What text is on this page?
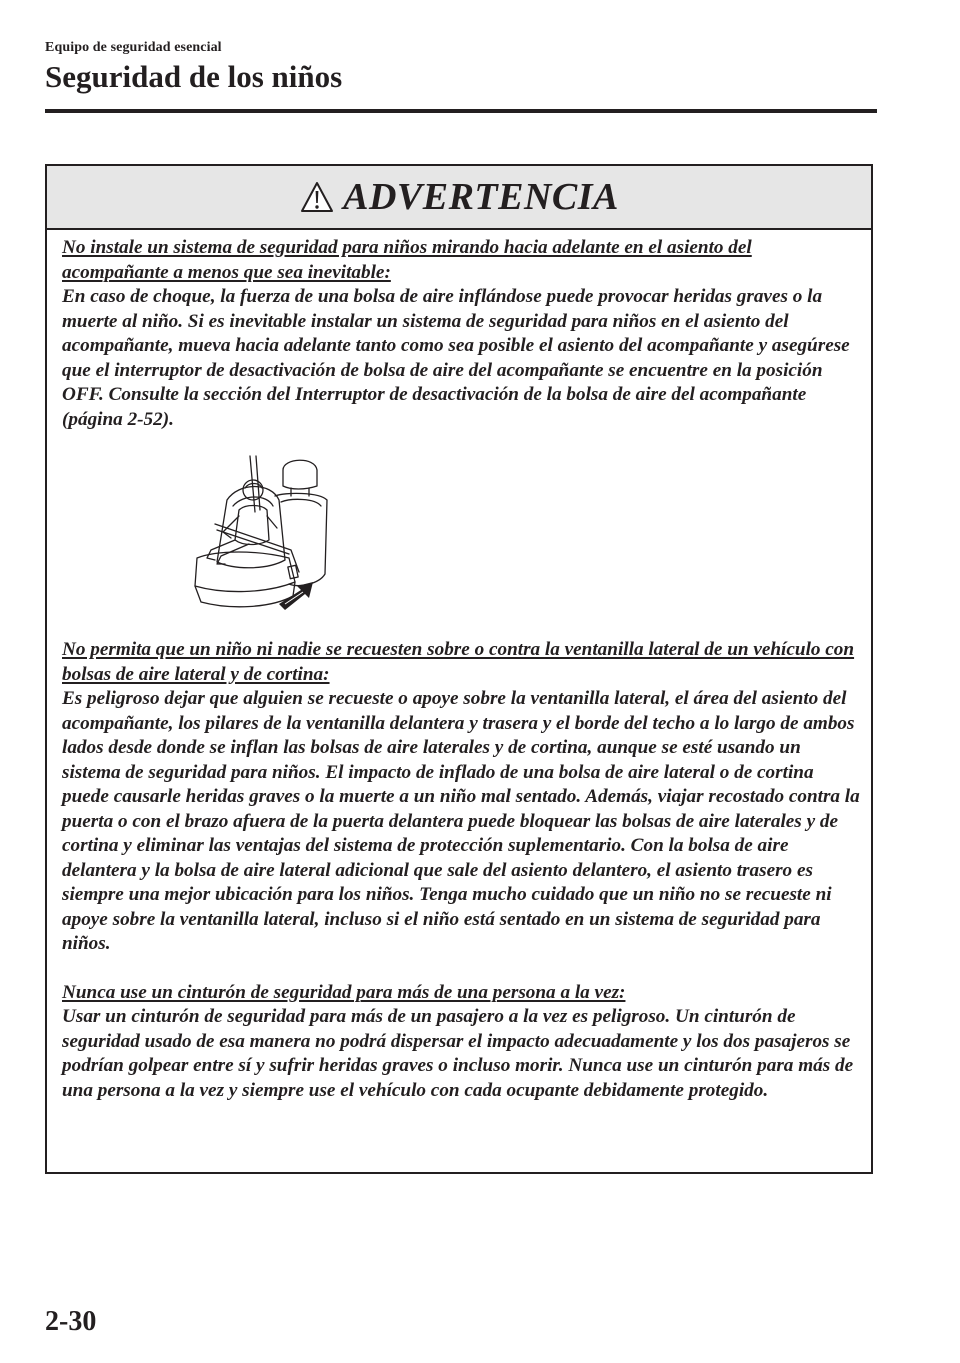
Equipo de seguridad esencial
Seguridad de los niños
ADVERTENCIA
No instale un sistema de seguridad para niños mirando hacia adelante en el asiento del acompañante a menos que sea inevitable:
En caso de choque, la fuerza de una bolsa de aire inflándose puede provocar heridas graves o la muerte al niño. Si es inevitable instalar un sistema de seguridad para niños en el asiento del acompañante, mueva hacia adelante tanto como sea posible el asiento del acompañante y asegúrese que el interruptor de desactivación de bolsa de aire del acompañante se encuentre en la posición OFF. Consulte la sección del Interruptor de desactivación de la bolsa de aire del acompañante (página 2-52).
No permita que un niño ni nadie se recuesten sobre o contra la ventanilla lateral de un vehículo con bolsas de aire lateral y de cortina:
Es peligroso dejar que alguien se recueste o apoye sobre la ventanilla lateral, el área del asiento del acompañante, los pilares de la ventanilla delantera y trasera y el borde del techo a lo largo de ambos lados desde donde se inflan las bolsas de aire laterales y de cortina, aunque se esté usando un sistema de seguridad para niños. El impacto de inflado de una bolsa de aire lateral o de cortina puede causarle heridas graves o la muerte a un niño mal sentado. Además, viajar recostado contra la puerta o con el brazo afuera de la puerta delantera puede bloquear las bolsas de aire laterales y de cortina y eliminar las ventajas del sistema de protección suplementario. Con la bolsa de aire delantera y la bolsa de aire lateral adicional que sale del asiento delantero, el asiento trasero es siempre una mejor ubicación para los niños. Tenga mucho cuidado que un niño no se recueste ni apoye sobre la ventanilla lateral, incluso si el niño está sentado en un sistema de seguridad para niños.
Nunca use un cinturón de seguridad para más de una persona a la vez:
Usar un cinturón de seguridad para más de un pasajero a la vez es peligroso. Un cinturón de seguridad usado de esa manera no podrá dispersar el impacto adecuadamente y los dos pasajeros se podrían golpear entre sí y sufrir heridas graves o incluso morir. Nunca use un cinturón para más de una persona a la vez y siempre use el vehículo con cada ocupante debidamente protegido.
2-30
